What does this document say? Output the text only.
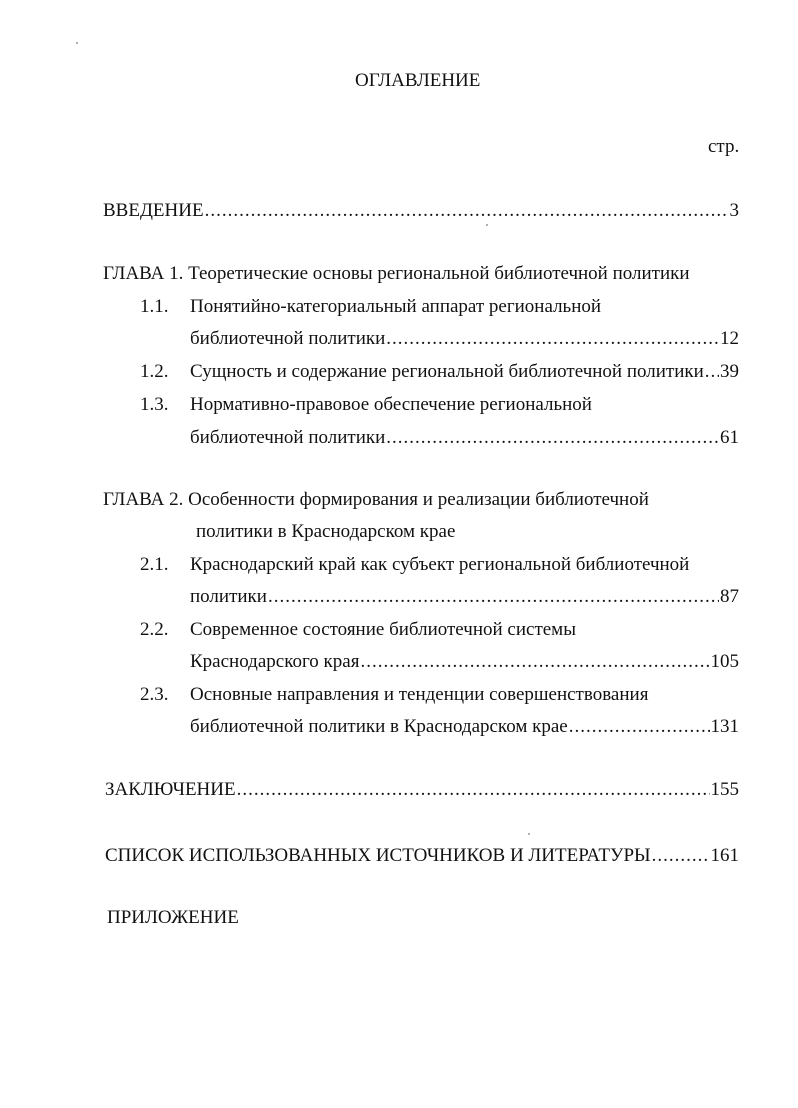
ОГЛАВЛЕНИЕ
стр.
ВВЕДЕНИЕ .....	3
ГЛАВА 1. Теоретические основы региональной библиотечной политики
1.1. Понятийно-категориальный аппарат региональной
библиотечной политики .....	12
1.2. Сущность и содержание региональной библиотечной политики ..... 39
1.3. Нормативно-правовое обеспечение региональной
библиотечной политики .....	61
ГЛАВА 2. Особенности формирования и реализации библиотечной
политики в Краснодарском крае
2.1. Краснодарский край как субъект региональной библиотечной
политики .....	87
2.2. Современное состояние библиотечной системы
Краснодарского края .....	105
2.3. Основные направления и тенденции совершенствования
библиотечной политики в Краснодарском крае .....	131
ЗАКЛЮЧЕНИЕ .....	155
СПИСОК ИСПОЛЬЗОВАННЫХ ИСТОЧНИКОВ И ЛИТЕРАТУРЫ .....	161
ПРИЛОЖЕНИЕ
